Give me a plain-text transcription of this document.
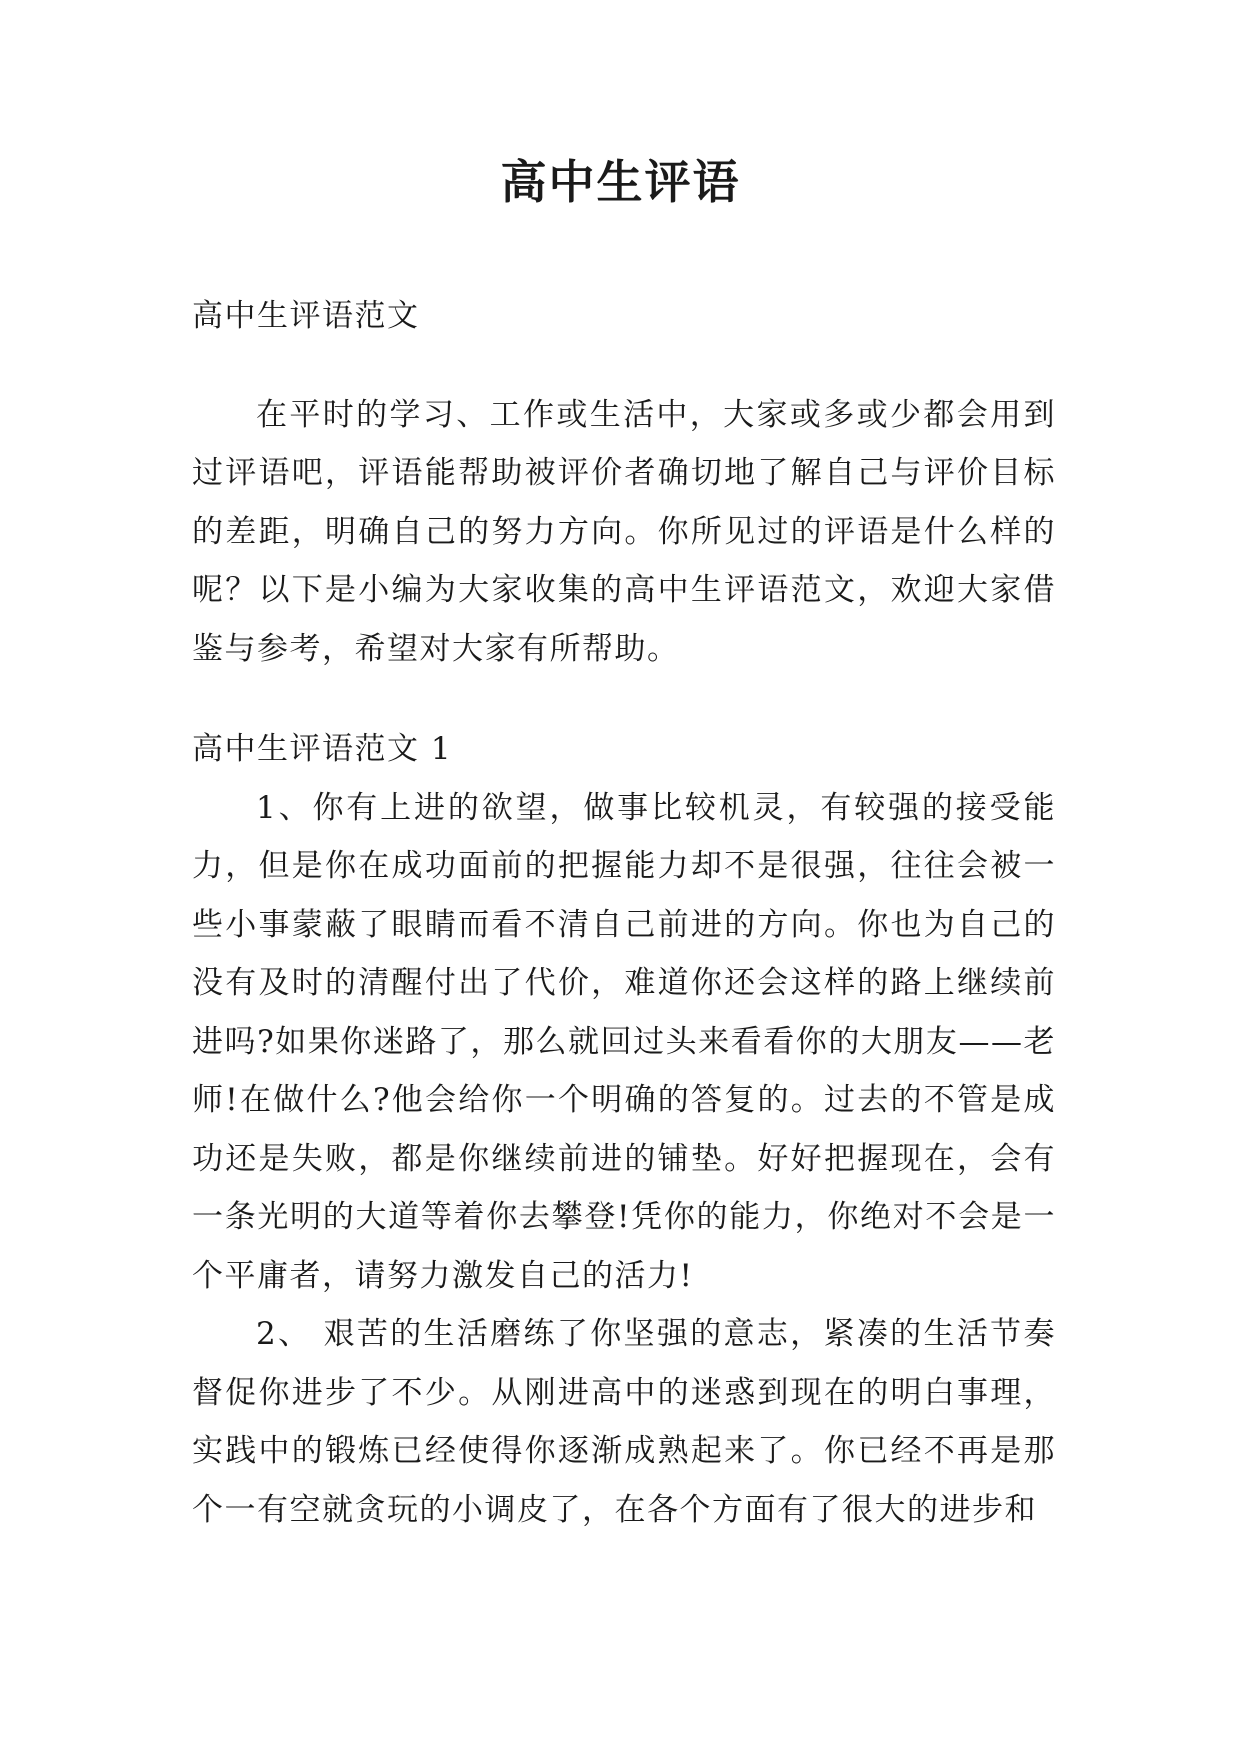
高中生评语

高中生评语范文

在平时的学习、工作或生活中，大家或多或少都会用到过评语吧，评语能帮助被评价者确切地了解自己与评价目标的差距，明确自己的努力方向。你所见过的评语是什么样的呢？以下是小编为大家收集的高中生评语范文，欢迎大家借鉴与参考，希望对大家有所帮助。

高中生评语范文 1

1、你有上进的欲望，做事比较机灵，有较强的接受能力，但是你在成功面前的把握能力却不是很强，往往会被一些小事蒙蔽了眼睛而看不清自己前进的方向。你也为自己的没有及时的清醒付出了代价，难道你还会这样的路上继续前进吗?如果你迷路了，那么就回过头来看看你的大朋友——老师!在做什么?他会给你一个明确的答复的。过去的不管是成功还是失败，都是你继续前进的铺垫。好好把握现在，会有一条光明的大道等着你去攀登!凭你的能力，你绝对不会是一个平庸者，请努力激发自己的活力!

2、 艰苦的生活磨练了你坚强的意志，紧凑的生活节奏督促你进步了不少。从刚进高中的迷惑到现在的明白事理，实践中的锻炼已经使得你逐渐成熟起来了。你已经不再是那个一有空就贪玩的小调皮了，在各个方面有了很大的进步和
